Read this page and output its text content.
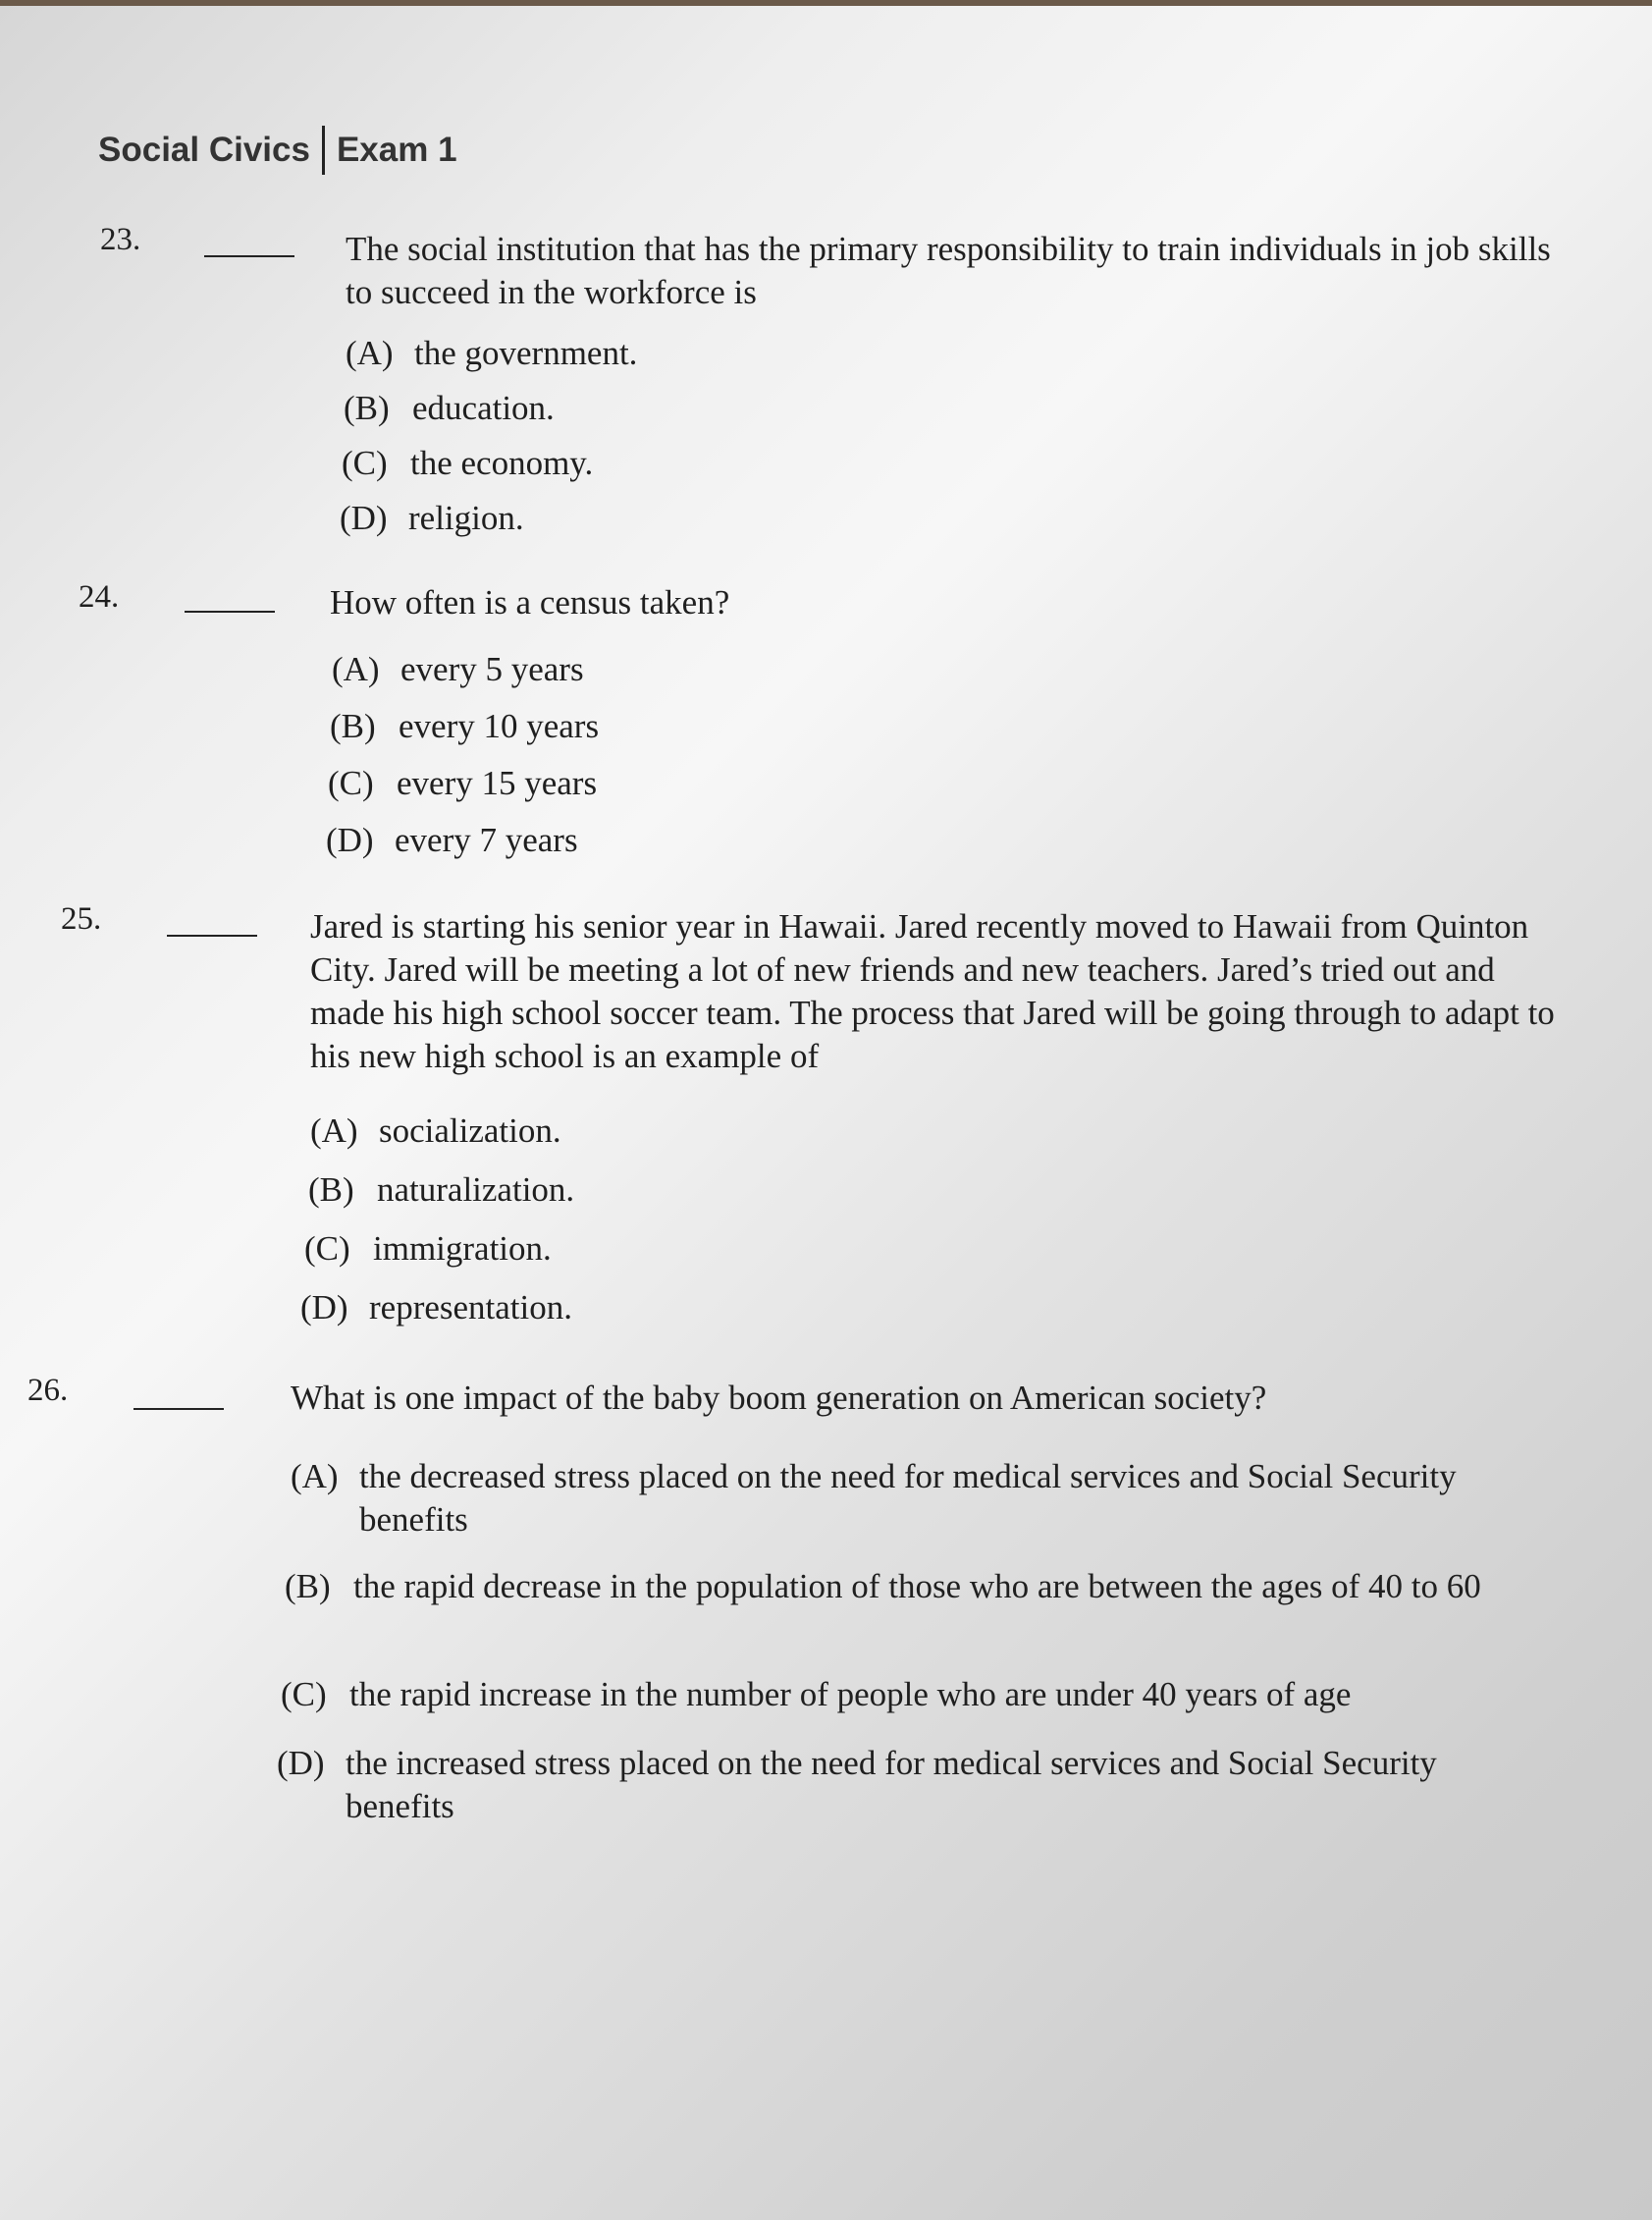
Social Civics Exam 1
23.	The social institution that has the primary responsibility to train individuals in job skills to succeed in the workforce is
(A) the government.
(B) education.
(C) the economy.
(D) religion.
24.	How often is a census taken?
(A) every 5 years
(B) every 10 years
(C) every 15 years
(D) every 7 years
25.	Jared is starting his senior year in Hawaii. Jared recently moved to Hawaii from Quinton City. Jared will be meeting a lot of new friends and new teachers. Jared’s tried out and made his high school soccer team. The process that Jared will be going through to adapt to his new high school is an example of
(A) socialization.
(B) naturalization.
(C) immigration.
(D) representation.
26.	What is one impact of the baby boom generation on American society?
(A) the decreased stress placed on the need for medical services and Social Security benefits
(B) the rapid decrease in the population of those who are between the ages of 40 to 60
(C) the rapid increase in the number of people who are under 40 years of age
(D) the increased stress placed on the need for medical services and Social Security benefits
